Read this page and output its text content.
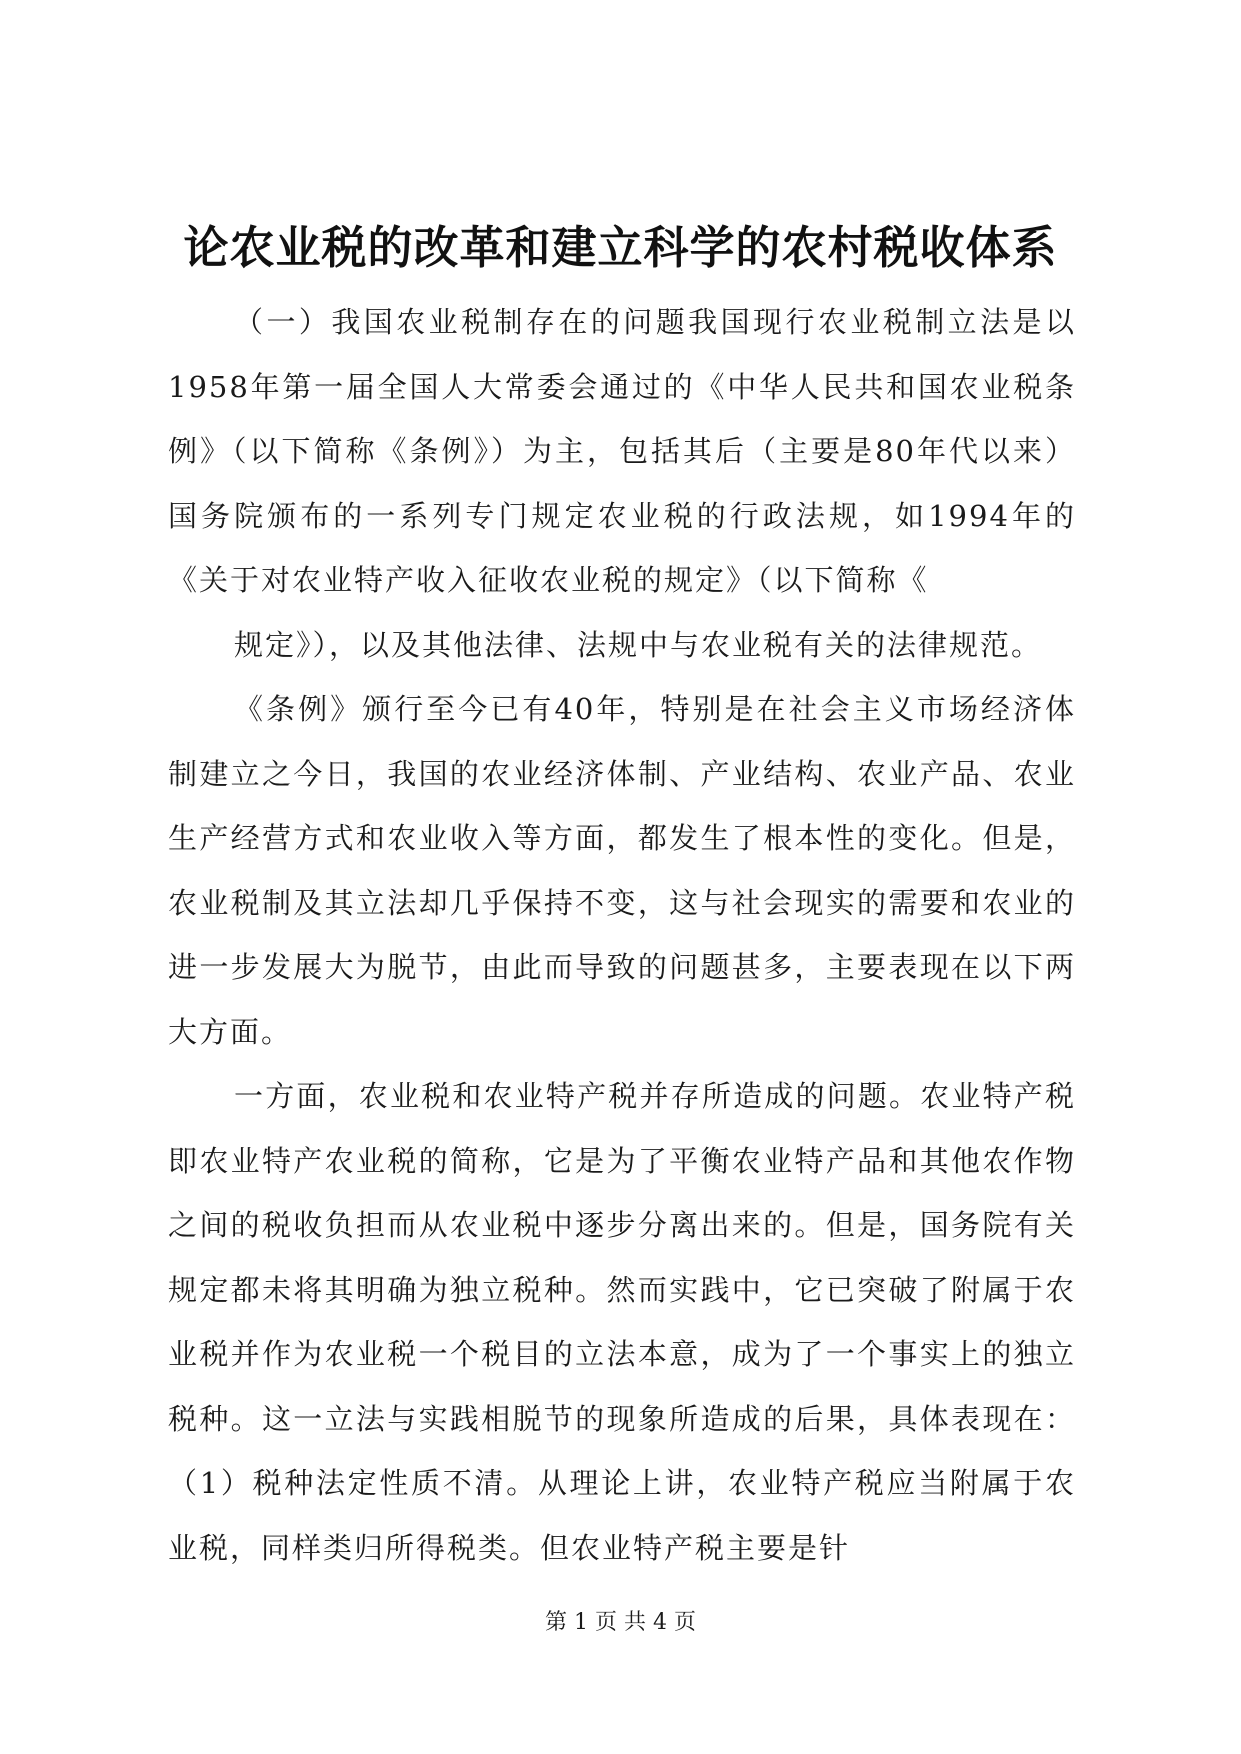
论农业税的改革和建立科学的农村税收体系

（一）我国农业税制存在的问题我国现行农业税制立法是以1958年第一届全国人大常委会通过的《中华人民共和国农业税条例》（以下简称《条例》）为主，包括其后（主要是80年代以来）国务院颁布的一系列专门规定农业税的行政法规，如1994年的《关于对农业特产收入征收农业税的规定》（以下简称《

规定》），以及其他法律、法规中与农业税有关的法律规范。

《条例》颁行至今已有40年，特别是在社会主义市场经济体制建立之今日，我国的农业经济体制、产业结构、农业产品、农业生产经营方式和农业收入等方面，都发生了根本性的变化。但是，农业税制及其立法却几乎保持不变，这与社会现实的需要和农业的进一步发展大为脱节，由此而导致的问题甚多，主要表现在以下两大方面。

一方面，农业税和农业特产税并存所造成的问题。农业特产税即农业特产农业税的简称，它是为了平衡农业特产品和其他农作物之间的税收负担而从农业税中逐步分离出来的。但是，国务院有关规定都未将其明确为独立税种。然而实践中，它已突破了附属于农业税并作为农业税一个税目的立法本意，成为了一个事实上的独立税种。这一立法与实践相脱节的现象所造成的后果，具体表现在：（1）税种法定性质不清。从理论上讲，农业特产税应当附属于农业税，同样类归所得税类。但农业特产税主要是针

第 1 页 共 4 页
